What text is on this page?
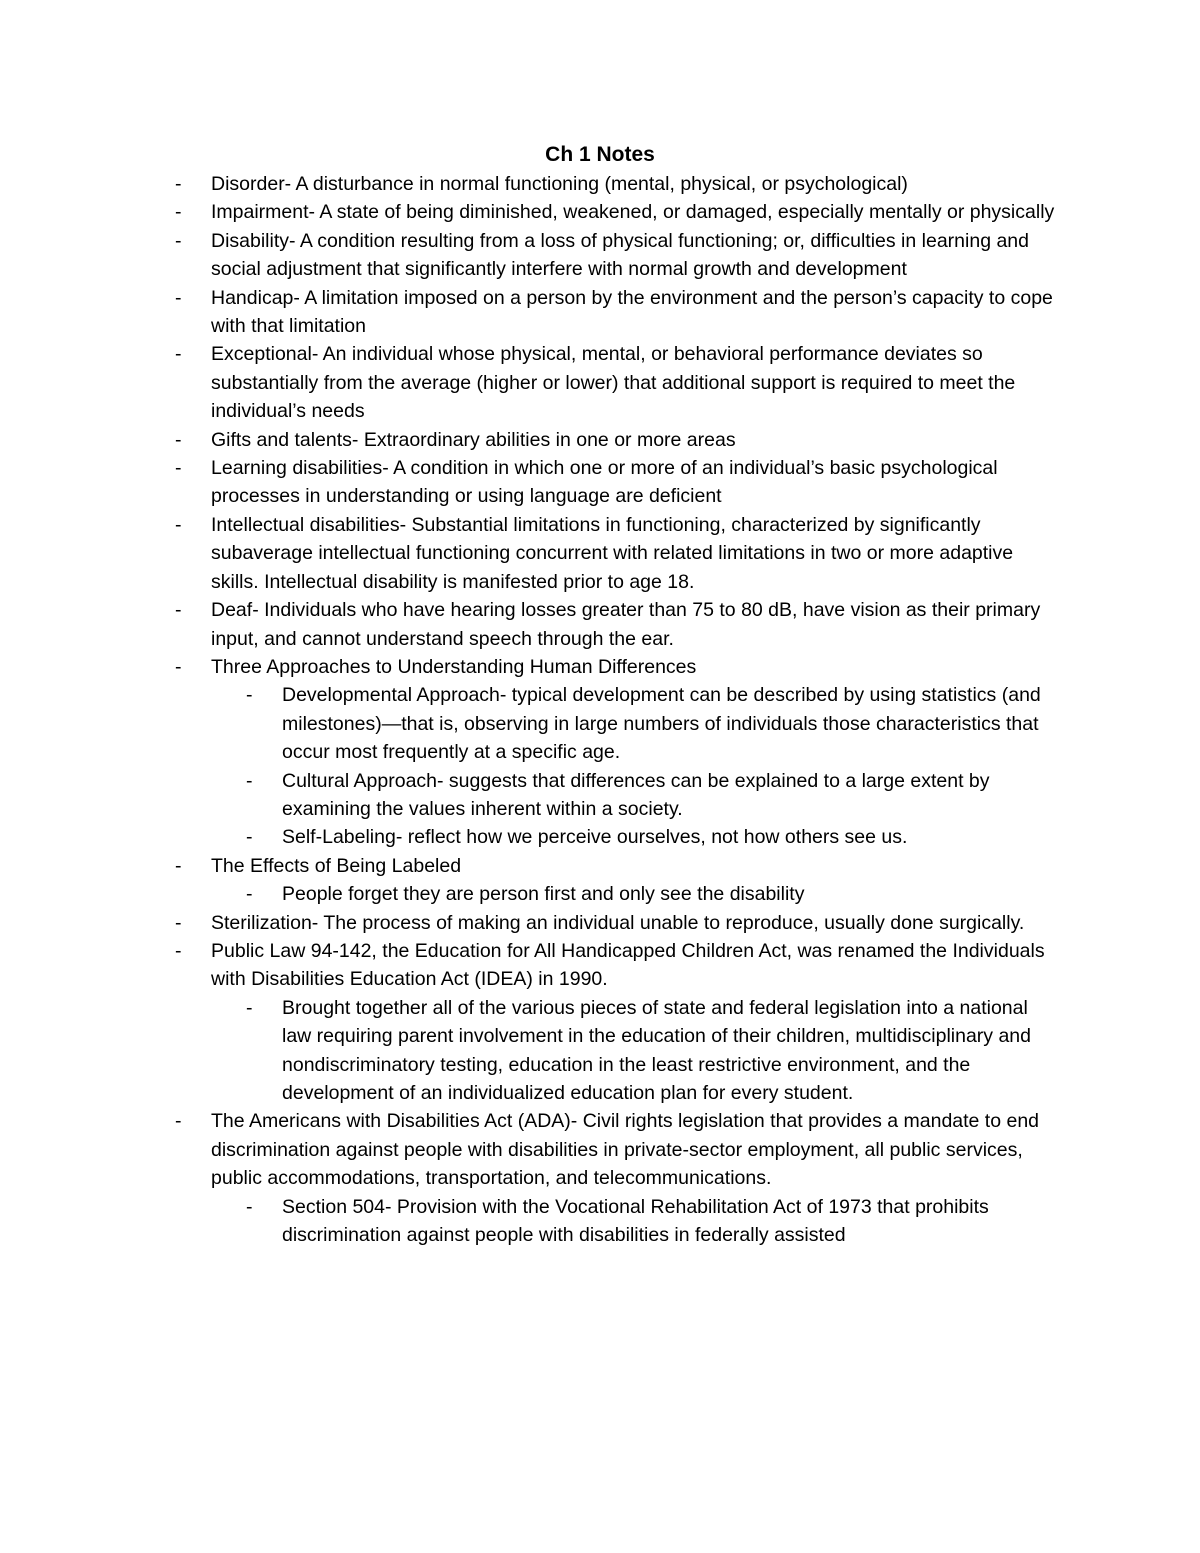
Ch 1 Notes
- Disorder- A disturbance in normal functioning (mental, physical, or psychological)
- Impairment- A state of being diminished, weakened, or damaged, especially mentally or physically
- Disability- A condition resulting from a loss of physical functioning; or, difficulties in learning and social adjustment that significantly interfere with normal growth and development
- Handicap- A limitation imposed on a person by the environment and the person’s capacity to cope with that limitation
- Exceptional- An individual whose physical, mental, or behavioral performance deviates so substantially from the average (higher or lower) that additional support is required to meet the individual’s needs
- Gifts and talents- Extraordinary abilities in one or more areas
- Learning disabilities- A condition in which one or more of an individual’s basic psychological processes in understanding or using language are deficient
- Intellectual disabilities- Substantial limitations in functioning, characterized by significantly subaverage intellectual functioning concurrent with related limitations in two or more adaptive skills. Intellectual disability is manifested prior to age 18.
- Deaf- Individuals who have hearing losses greater than 75 to 80 dB, have vision as their primary input, and cannot understand speech through the ear.
- Three Approaches to Understanding Human Differences
- Developmental Approach- typical development can be described by using statistics (and milestones)—that is, observing in large numbers of individuals those characteristics that occur most frequently at a specific age.
- Cultural Approach- suggests that differences can be explained to a large extent by examining the values inherent within a society.
- Self-Labeling- reflect how we perceive ourselves, not how others see us.
- The Effects of Being Labeled
- People forget they are person first and only see the disability
- Sterilization- The process of making an individual unable to reproduce, usually done surgically.
- Public Law 94-142, the Education for All Handicapped Children Act, was renamed the Individuals with Disabilities Education Act (IDEA) in 1990.
- Brought together all of the various pieces of state and federal legislation into a national law requiring parent involvement in the education of their children, multidisciplinary and nondiscriminatory testing, education in the least restrictive environment, and the development of an individualized education plan for every student.
- The Americans with Disabilities Act (ADA)- Civil rights legislation that provides a mandate to end discrimination against people with disabilities in private-sector employment, all public services, public accommodations, transportation, and telecommunications.
- Section 504- Provision with the Vocational Rehabilitation Act of 1973 that prohibits discrimination against people with disabilities in federally assisted
